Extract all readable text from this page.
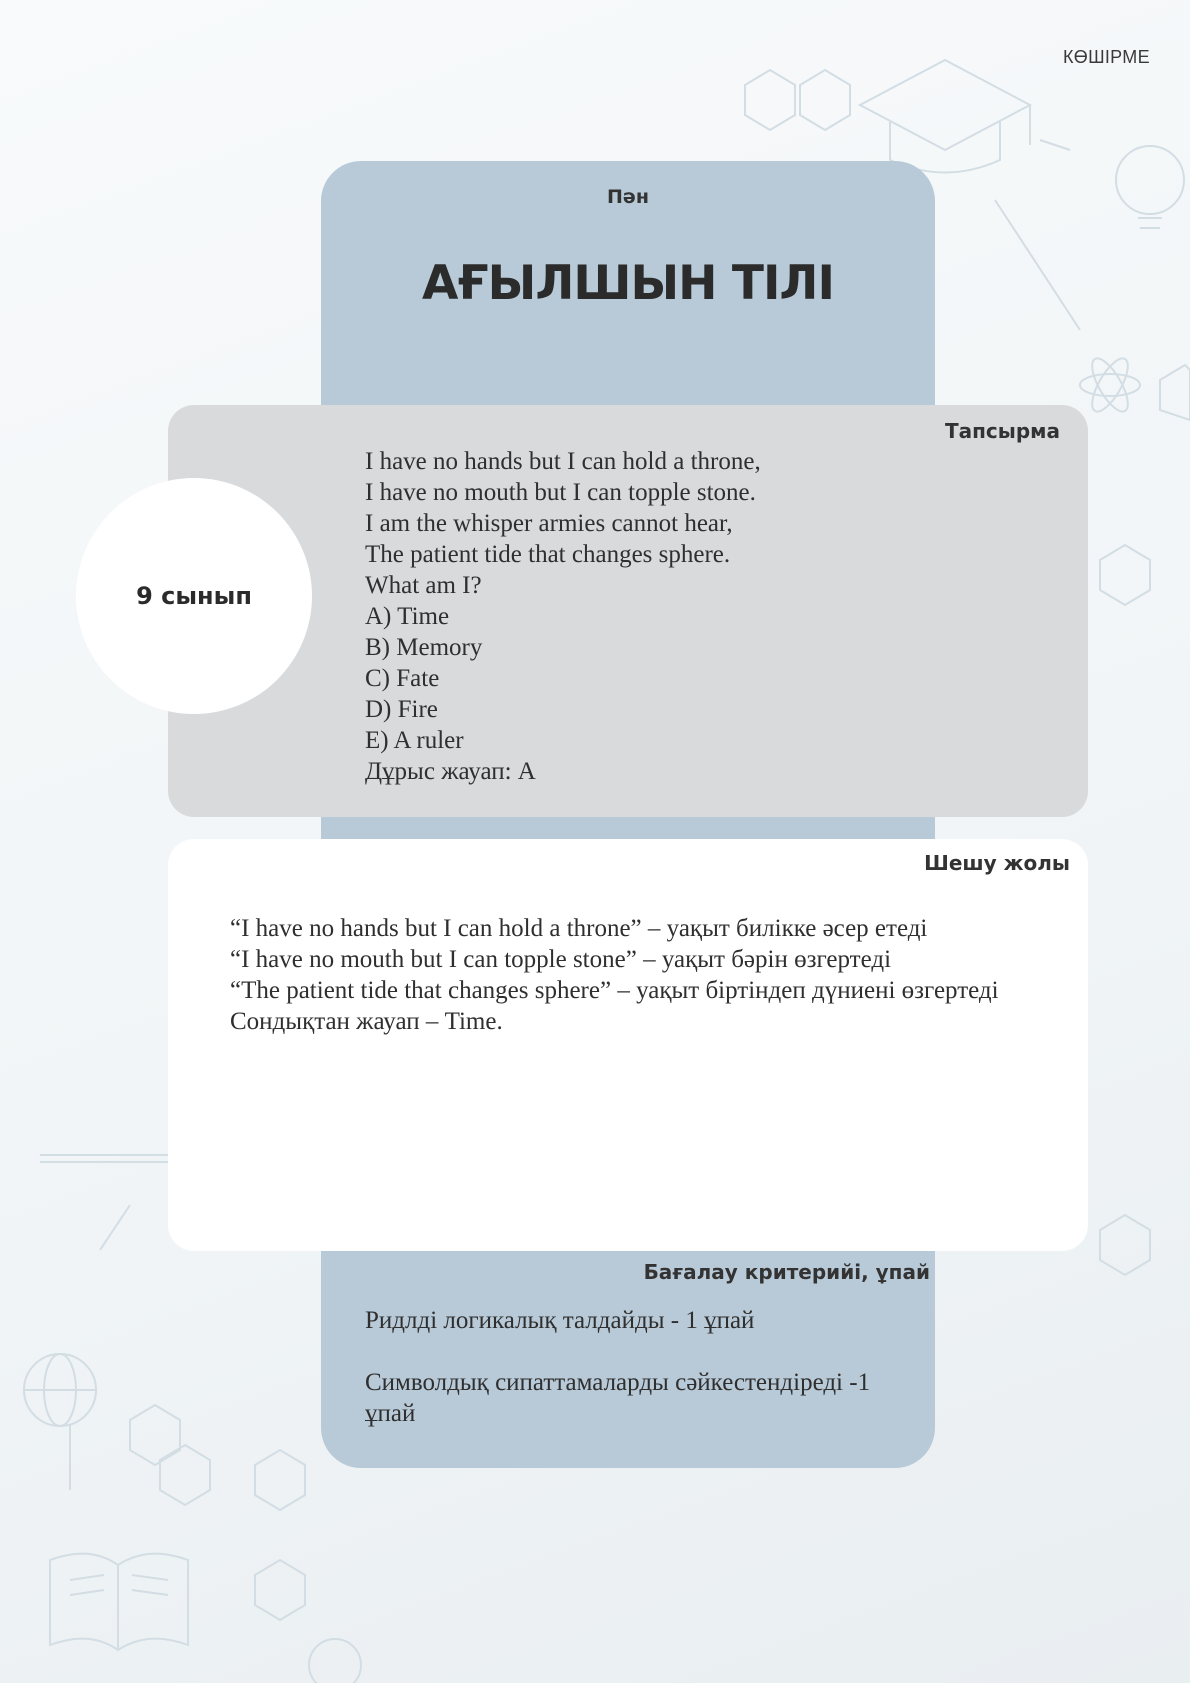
КӨШІРМЕ
Пән
АҒЫЛШЫН ТІЛІ
Тапсырма
I have no hands but I can hold a throne,
I have no mouth but I can topple stone.
I am the whisper armies cannot hear,
The patient tide that changes sphere.
What am I?
A) Time
B) Memory
C) Fate
D) Fire
E) A ruler
Дұрыс жауап: A
9 сынып
Шешу жолы
“I have no hands but I can hold a throne” – уақыт билікке әсер етеді
“I have no mouth but I can topple stone” – уақыт бәрін өзгертеді
“The patient tide that changes sphere” – уақыт біртіндеп дүниені өзгертеді
Сондықтан жауап – Time.
Бағалау критерийі, ұпай

Ридлді логикалық талдайды - 1 ұпай

Символдық сипаттамаларды сәйкестендіреді -1 ұпай
